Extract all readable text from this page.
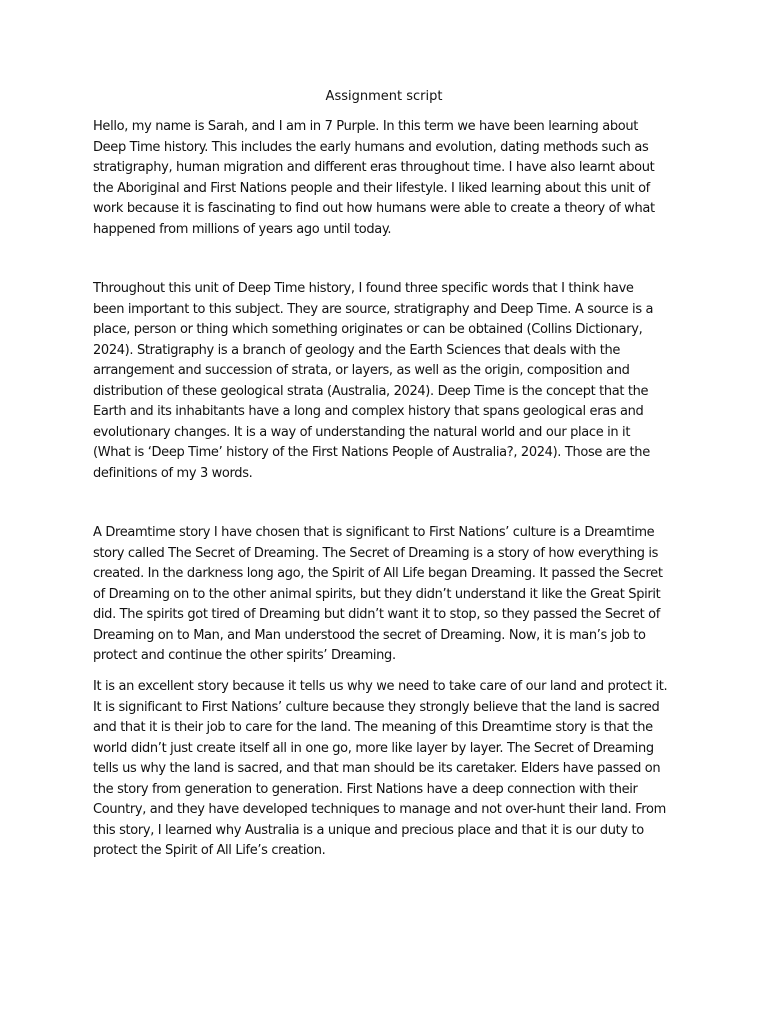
Assignment script

Hello, my name is Sarah, and I am in 7 Purple. In this term we have been learning about
Deep Time history. This includes the early humans and evolution, dating methods such as
stratigraphy, human migration and different eras throughout time. I have also learnt about
the Aboriginal and First Nations people and their lifestyle. I liked learning about this unit of
work because it is fascinating to find out how humans were able to create a theory of what
happened from millions of years ago until today.

Throughout this unit of Deep Time history, I found three specific words that I think have
been important to this subject. They are source, stratigraphy and Deep Time. A source is a
place, person or thing which something originates or can be obtained (Collins Dictionary,
2024). Stratigraphy is a branch of geology and the Earth Sciences that deals with the
arrangement and succession of strata, or layers, as well as the origin, composition and
distribution of these geological strata (Australia, 2024). Deep Time is the concept that the
Earth and its inhabitants have a long and complex history that spans geological eras and
evolutionary changes. It is a way of understanding the natural world and our place in it
(What is ‘Deep Time’ history of the First Nations People of Australia?, 2024). Those are the
definitions of my 3 words.

A Dreamtime story I have chosen that is significant to First Nations’ culture is a Dreamtime
story called The Secret of Dreaming. The Secret of Dreaming is a story of how everything is
created. In the darkness long ago, the Spirit of All Life began Dreaming. It passed the Secret
of Dreaming on to the other animal spirits, but they didn’t understand it like the Great Spirit
did. The spirits got tired of Dreaming but didn’t want it to stop, so they passed the Secret of
Dreaming on to Man, and Man understood the secret of Dreaming. Now, it is man’s job to
protect and continue the other spirits’ Dreaming.

It is an excellent story because it tells us why we need to take care of our land and protect it.
It is significant to First Nations’ culture because they strongly believe that the land is sacred
and that it is their job to care for the land. The meaning of this Dreamtime story is that the
world didn’t just create itself all in one go, more like layer by layer. The Secret of Dreaming
tells us why the land is sacred, and that man should be its caretaker. Elders have passed on
the story from generation to generation. First Nations have a deep connection with their
Country, and they have developed techniques to manage and not over-hunt their land. From
this story, I learned why Australia is a unique and precious place and that it is our duty to
protect the Spirit of All Life’s creation.
